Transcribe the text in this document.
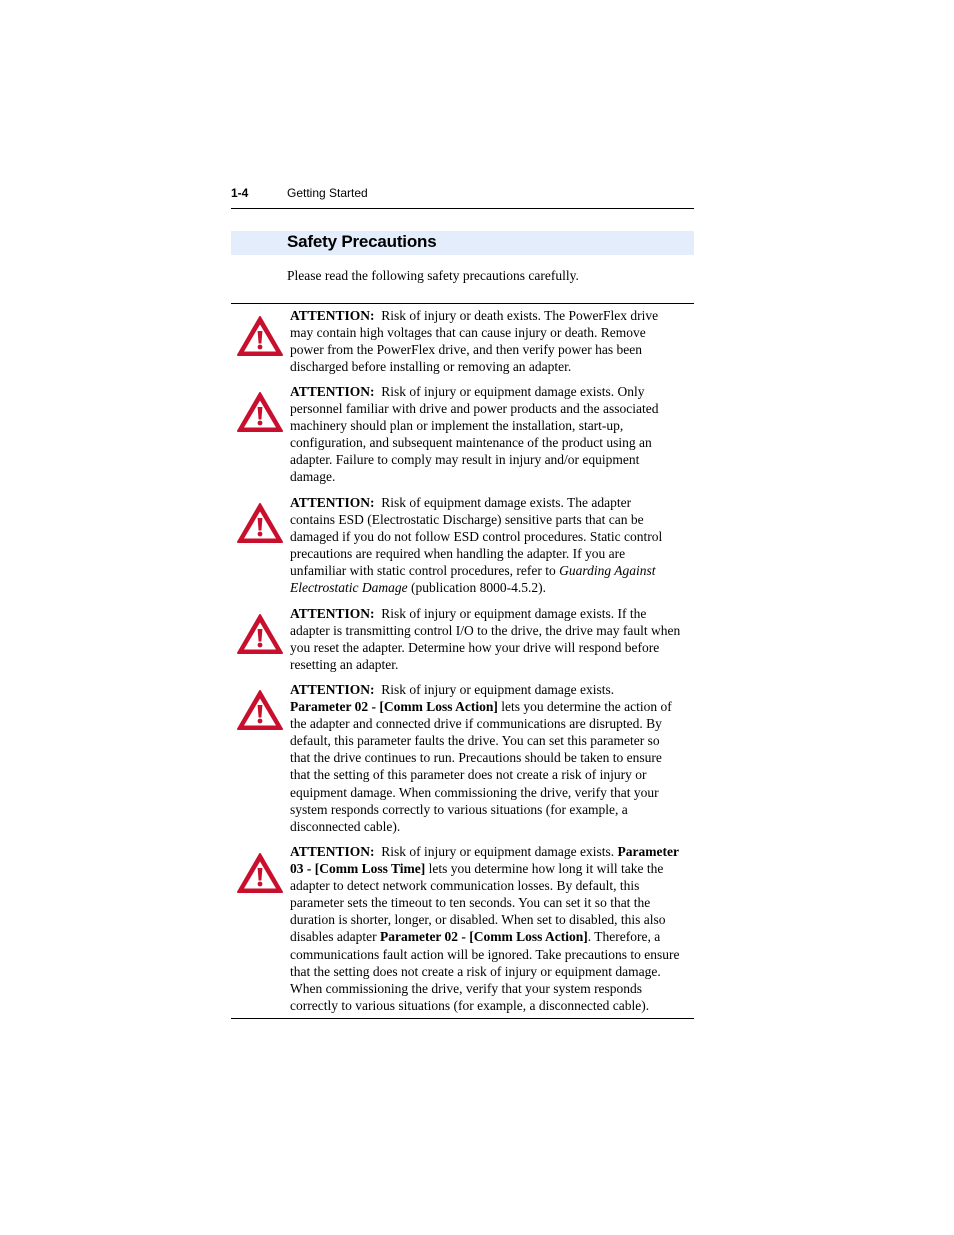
1-4	Getting Started
Safety Precautions
Please read the following safety precautions carefully.
ATTENTION: Risk of injury or death exists. The PowerFlex drive
may contain high voltages that can cause injury or death. Remove
power from the PowerFlex drive, and then verify power has been
discharged before installing or removing an adapter.
ATTENTION: Risk of injury or equipment damage exists. Only
personnel familiar with drive and power products and the associated
machinery should plan or implement the installation, start-up,
configuration, and subsequent maintenance of the product using an
adapter. Failure to comply may result in injury and/or equipment
damage.
ATTENTION: Risk of equipment damage exists. The adapter
contains ESD (Electrostatic Discharge) sensitive parts that can be
damaged if you do not follow ESD control procedures. Static control
precautions are required when handling the adapter. If you are
unfamiliar with static control procedures, refer to Guarding Against
Electrostatic Damage (publication 8000-4.5.2).
ATTENTION: Risk of injury or equipment damage exists. If the
adapter is transmitting control I/O to the drive, the drive may fault when
you reset the adapter. Determine how your drive will respond before
resetting an adapter.
ATTENTION: Risk of injury or equipment damage exists.
Parameter 02 - [Comm Loss Action] lets you determine the action of
the adapter and connected drive if communications are disrupted. By
default, this parameter faults the drive. You can set this parameter so
that the drive continues to run. Precautions should be taken to ensure
that the setting of this parameter does not create a risk of injury or
equipment damage. When commissioning the drive, verify that your
system responds correctly to various situations (for example, a
disconnected cable).
ATTENTION: Risk of injury or equipment damage exists. Parameter
03 - [Comm Loss Time] lets you determine how long it will take the
adapter to detect network communication losses. By default, this
parameter sets the timeout to ten seconds. You can set it so that the
duration is shorter, longer, or disabled. When set to disabled, this also
disables adapter Parameter 02 - [Comm Loss Action]. Therefore, a
communications fault action will be ignored. Take precautions to ensure
that the setting does not create a risk of injury or equipment damage.
When commissioning the drive, verify that your system responds
correctly to various situations (for example, a disconnected cable).
